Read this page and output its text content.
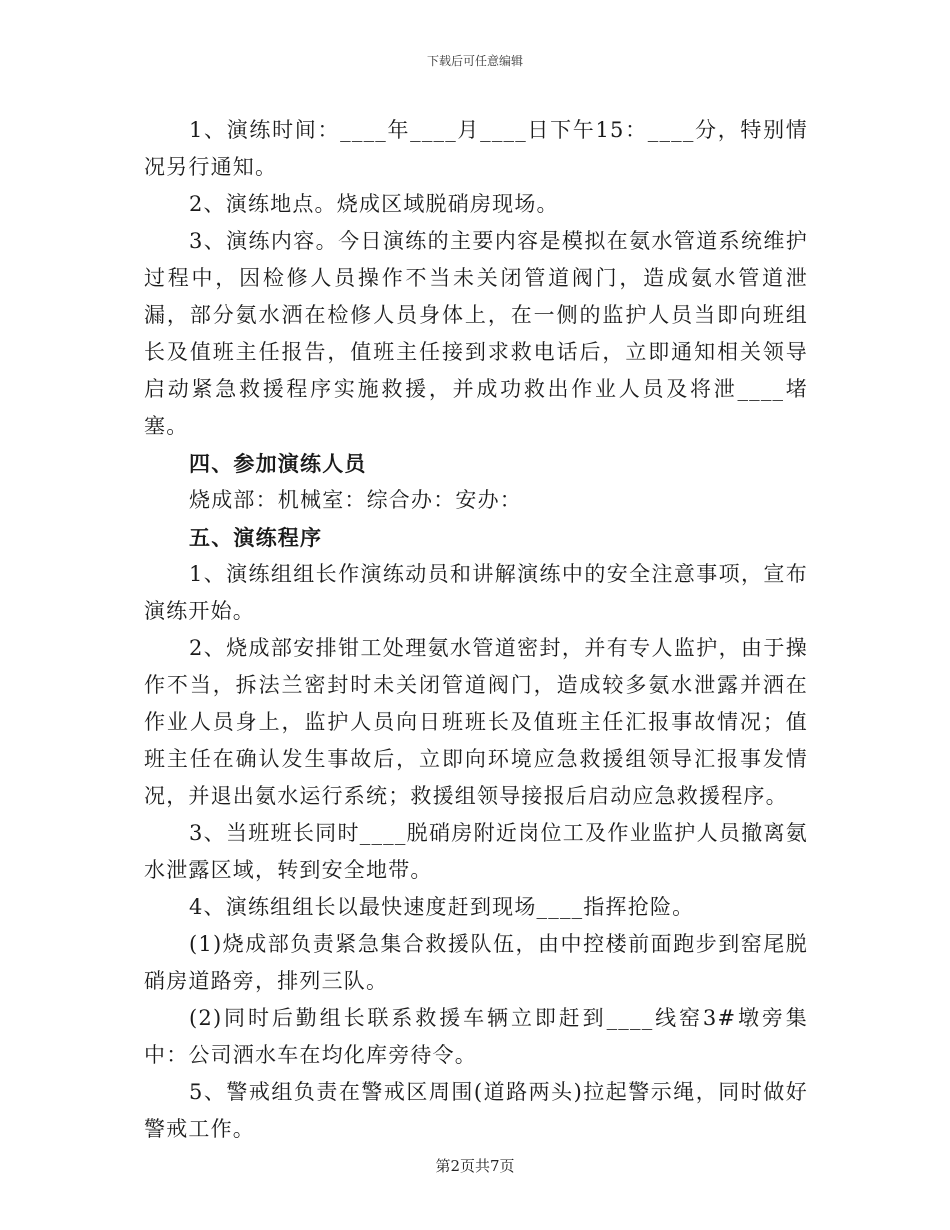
下载后可任意编辑

1、演练时间：____年____月____日下午15：____分，特别情况另行通知。

2、演练地点。烧成区域脱硝房现场。

3、演练内容。今日演练的主要内容是模拟在氨水管道系统维护过程中，因检修人员操作不当未关闭管道阀门，造成氨水管道泄漏，部分氨水洒在检修人员身体上，在一侧的监护人员当即向班组长及值班主任报告，值班主任接到求救电话后，立即通知相关领导启动紧急救援程序实施救援，并成功救出作业人员及将泄____堵塞。

四、参加演练人员

烧成部：机械室：综合办：安办：

五、演练程序

1、演练组组长作演练动员和讲解演练中的安全注意事项，宣布演练开始。

2、烧成部安排钳工处理氨水管道密封，并有专人监护，由于操作不当，拆法兰密封时未关闭管道阀门，造成较多氨水泄露并洒在作业人员身上，监护人员向日班班长及值班主任汇报事故情况；值班主任在确认发生事故后，立即向环境应急救援组领导汇报事发情况，并退出氨水运行系统；救援组领导接报后启动应急救援程序。

3、当班班长同时____脱硝房附近岗位工及作业监护人员撤离氨水泄露区域，转到安全地带。

4、演练组组长以最快速度赶到现场____指挥抢险。

(1)烧成部负责紧急集合救援队伍，由中控楼前面跑步到窑尾脱硝房道路旁，排列三队。

(2)同时后勤组长联系救援车辆立即赶到____线窑3#墩旁集中：公司洒水车在均化库旁待令。

5、警戒组负责在警戒区周围(道路两头)拉起警示绳，同时做好警戒工作。

第2页共7页
